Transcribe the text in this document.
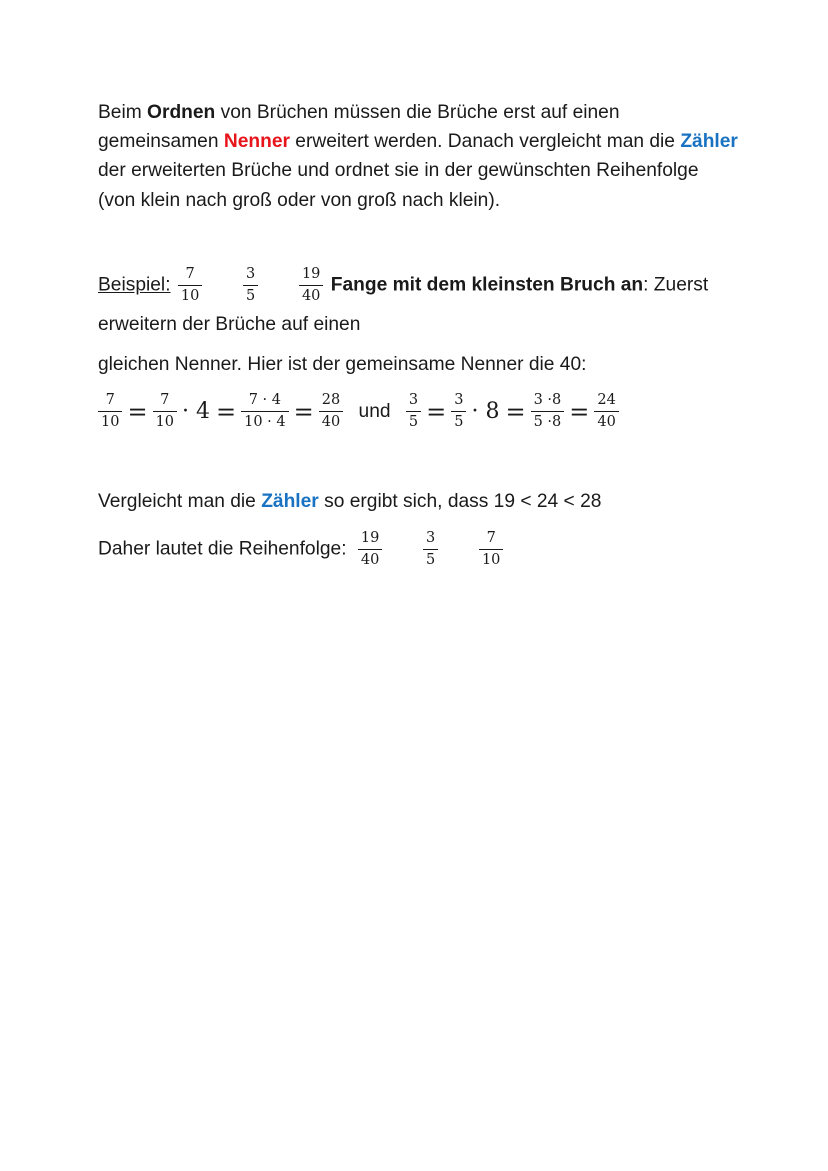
Beim Ordnen von Brüchen müssen die Brüche erst auf einen gemeinsamen Nenner erweitert werden. Danach vergleicht man die Zähler der erweiterten Brüche und ordnet sie in der gewünschten Reihenfolge (von klein nach groß oder von groß nach klein).
Beispiel: $\frac{7}{10}$
	$\frac{3}{5}$
	$\frac{19}{40}$ Fange mit dem kleinsten Bruch an: Zuerst
erweitern der Brüche auf einen
gleichen Nenner. Hier ist der gemeinsame Nenner die 40:
$\frac{7}{10} = \frac{7}{10} \cdot 4 = \frac{7 \cdot 4}{10 \cdot 4} = \frac{28}{40}$ und $\frac{3}{5} = \frac{3}{5} \cdot 8 = \frac{3 \cdot 8}{5 \cdot 8} = \frac{24}{40}$
Vergleicht man die Zähler so ergibt sich, dass 19 < 24 < 28
Daher lautet die Reihenfolge: $\frac{19}{40}$
	$\frac{3}{5}$
	$\frac{7}{10}$
